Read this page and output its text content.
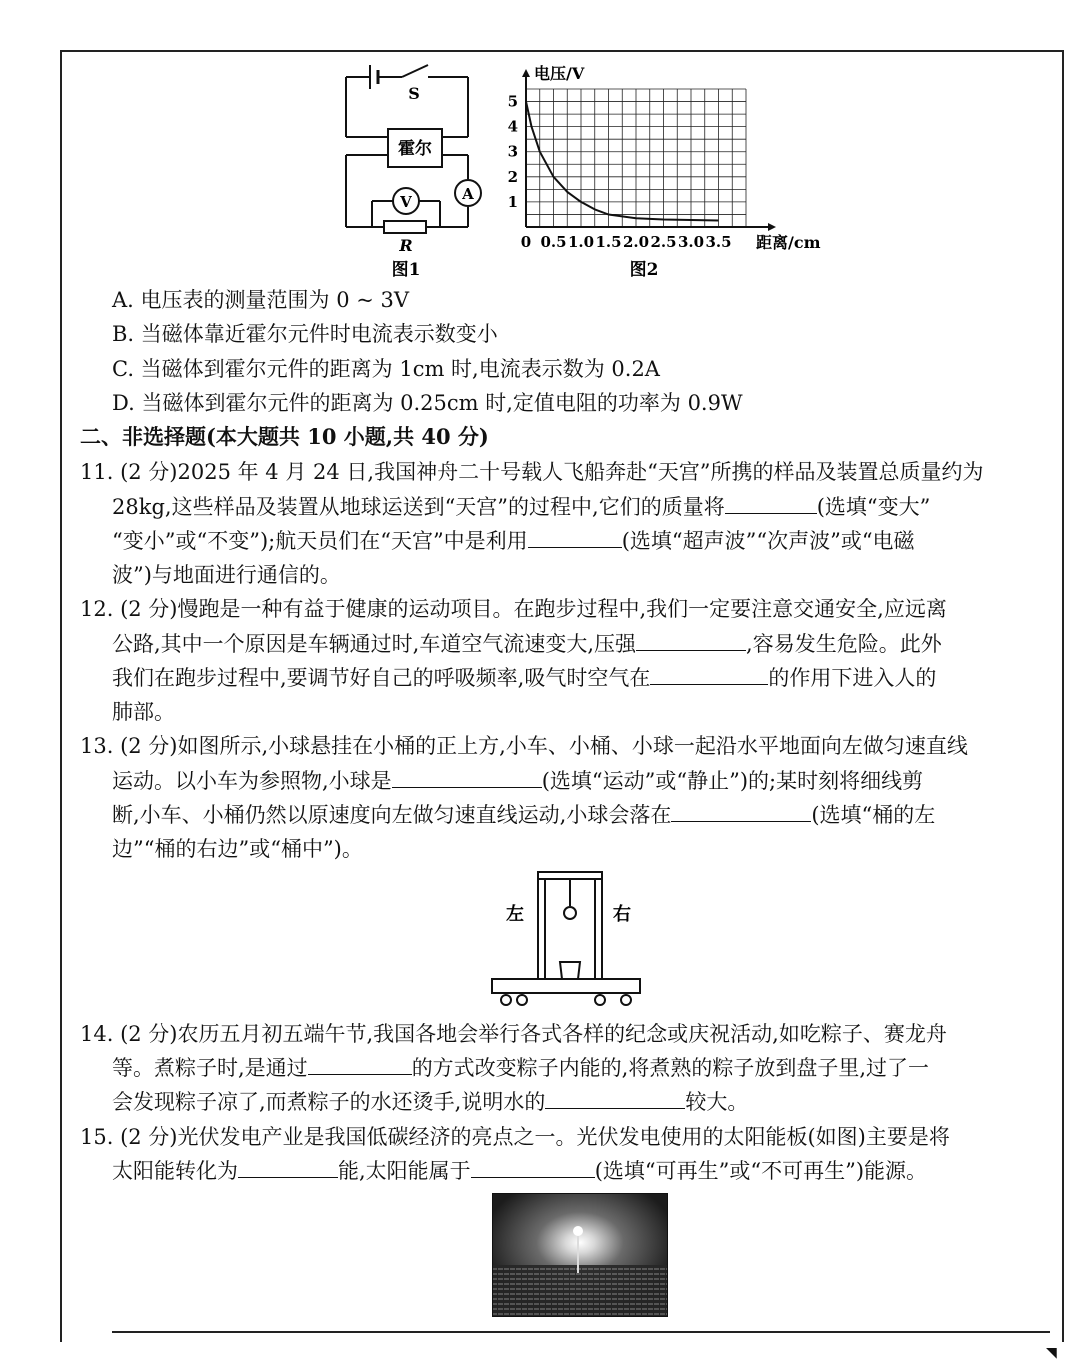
◥
S
霍尔
V	A
R
图1
0 0.5 1.0 1.5 2.0 2.5 3.0 3.5
1
2
3
4
5
电压/V
距离/cm
图2
A. 电压表的测量范围为 0 ~ 3V
B. 当磁体靠近霍尔元件时电流表示数变小
C. 当磁体到霍尔元件的距离为 1cm 时,电流表示数为 0.2A
D. 当磁体到霍尔元件的距离为 0.25cm 时,定值电阻的功率为 0.9W
二、非选择题(本大题共 10 小题,共 40 分)
11. (2 分)2025 年 4 月 24 日,我国神舟二十号载人飞船奔赴“天宫”所携的样品及装置总质量约为
28kg,这些样品及装置从地球运送到“天宫”的过程中,它们的质量将	(选填“变大”
“变小”或“不变”);航天员们在“天宫”中是利用	(选填“超声波”“次声波”或“电磁
波”)与地面进行通信的。
12. (2 分)慢跑是一种有益于健康的运动项目。在跑步过程中,我们一定要注意交通安全,应远离
公路,其中一个原因是车辆通过时,车道空气流速变大,压强	,容易发生危险。此外
我们在跑步过程中,要调节好自己的呼吸频率,吸气时空气在	的作用下进入人的
肺部。
13. (2 分)如图所示,小球悬挂在小桶的正上方,小车、小桶、小球一起沿水平地面向左做匀速直线
运动。以小车为参照物,小球是	(选填“运动”或“静止”)的;某时刻将细线剪
断,小车、小桶仍然以原速度向左做匀速直线运动,小球会落在	(选填“桶的左
边”“桶的右边”或“桶中”)。
左	右
14. (2 分)农历五月初五端午节,我国各地会举行各式各样的纪念或庆祝活动,如吃粽子、赛龙舟
等。煮粽子时,是通过	的方式改变粽子内能的,将煮熟的粽子放到盘子里,过了一
会发现粽子凉了,而煮粽子的水还烫手,说明水的	较大。
15. (2 分)光伏发电产业是我国低碳经济的亮点之一。光伏发电使用的太阳能板(如图)主要是将
太阳能转化为	能,太阳能属于	(选填“可再生”或“不可再生”)能源。
